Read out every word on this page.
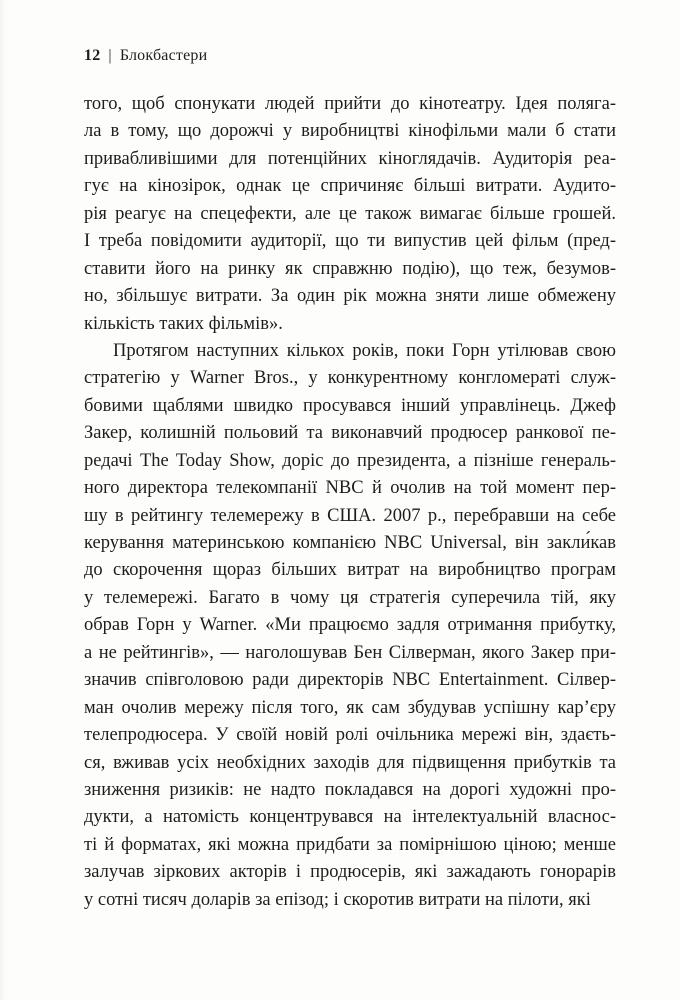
12 | Блокбастери
того, щоб спонукати людей прийти до кінотеатру. Ідея поляга-
ла в тому, що дорожчі у виробництві кінофільми мали б стати
привабливішими для потенційних кіноглядачів. Аудиторія реа-
гує на кінозірок, однак це спричиняє більші витрати. Аудито-
рія реагує на спецефекти, але це також вимагає більше грошей.
І треба повідомити аудиторії, що ти випустив цей фільм (пред-
ставити його на ринку як справжню подію), що теж, безумов-
но, збільшує витрати. За один рік можна зняти лише обмежену
кількість таких фільмів».
Протягом наступних кількох років, поки Горн утілював свою
стратегію у Warner Bros., у конкурентному конгломераті служ-
бовими щаблями швидко просувався інший управлінець. Джеф
Закер, колишній польовий та виконавчий продюсер ранкової пе-
редачі The Today Show, доріс до президента, а пізніше генераль-
ного директора телекомпанії NBC й очолив на той момент пер-
шу в рейтингу телемережу в США. 2007 р., перебравши на себе
керування материнською компанією NBC Universal, він закли́кав
до скорочення щораз більших витрат на виробництво програм
у телемережі. Багато в чому ця стратегія суперечила тій, яку
обрав Горн у Warner. «Ми працюємо задля отримання прибутку,
а не рейтингів», — наголошував Бен Сілверман, якого Закер при-
значив співголовою ради директорів NBC Entertainment. Сілвер-
ман очолив мережу після того, як сам збудував успішну кар’єру
телепродюсера. У своїй новій ролі очільника мережі він, здаєть-
ся, вживав усіх необхідних заходів для підвищення прибутків та
зниження ризиків: не надто покладався на дорогі художні про-
дукти, а натомість концентрувався на інтелектуальній власнос-
ті й форматах, які можна придбати за помірнішою ціною; менше
залучав зіркових акторів і продюсерів, які зажадають гонорарів
у сотні тисяч доларів за епізод; і скоротив витрати на пілоти, які
